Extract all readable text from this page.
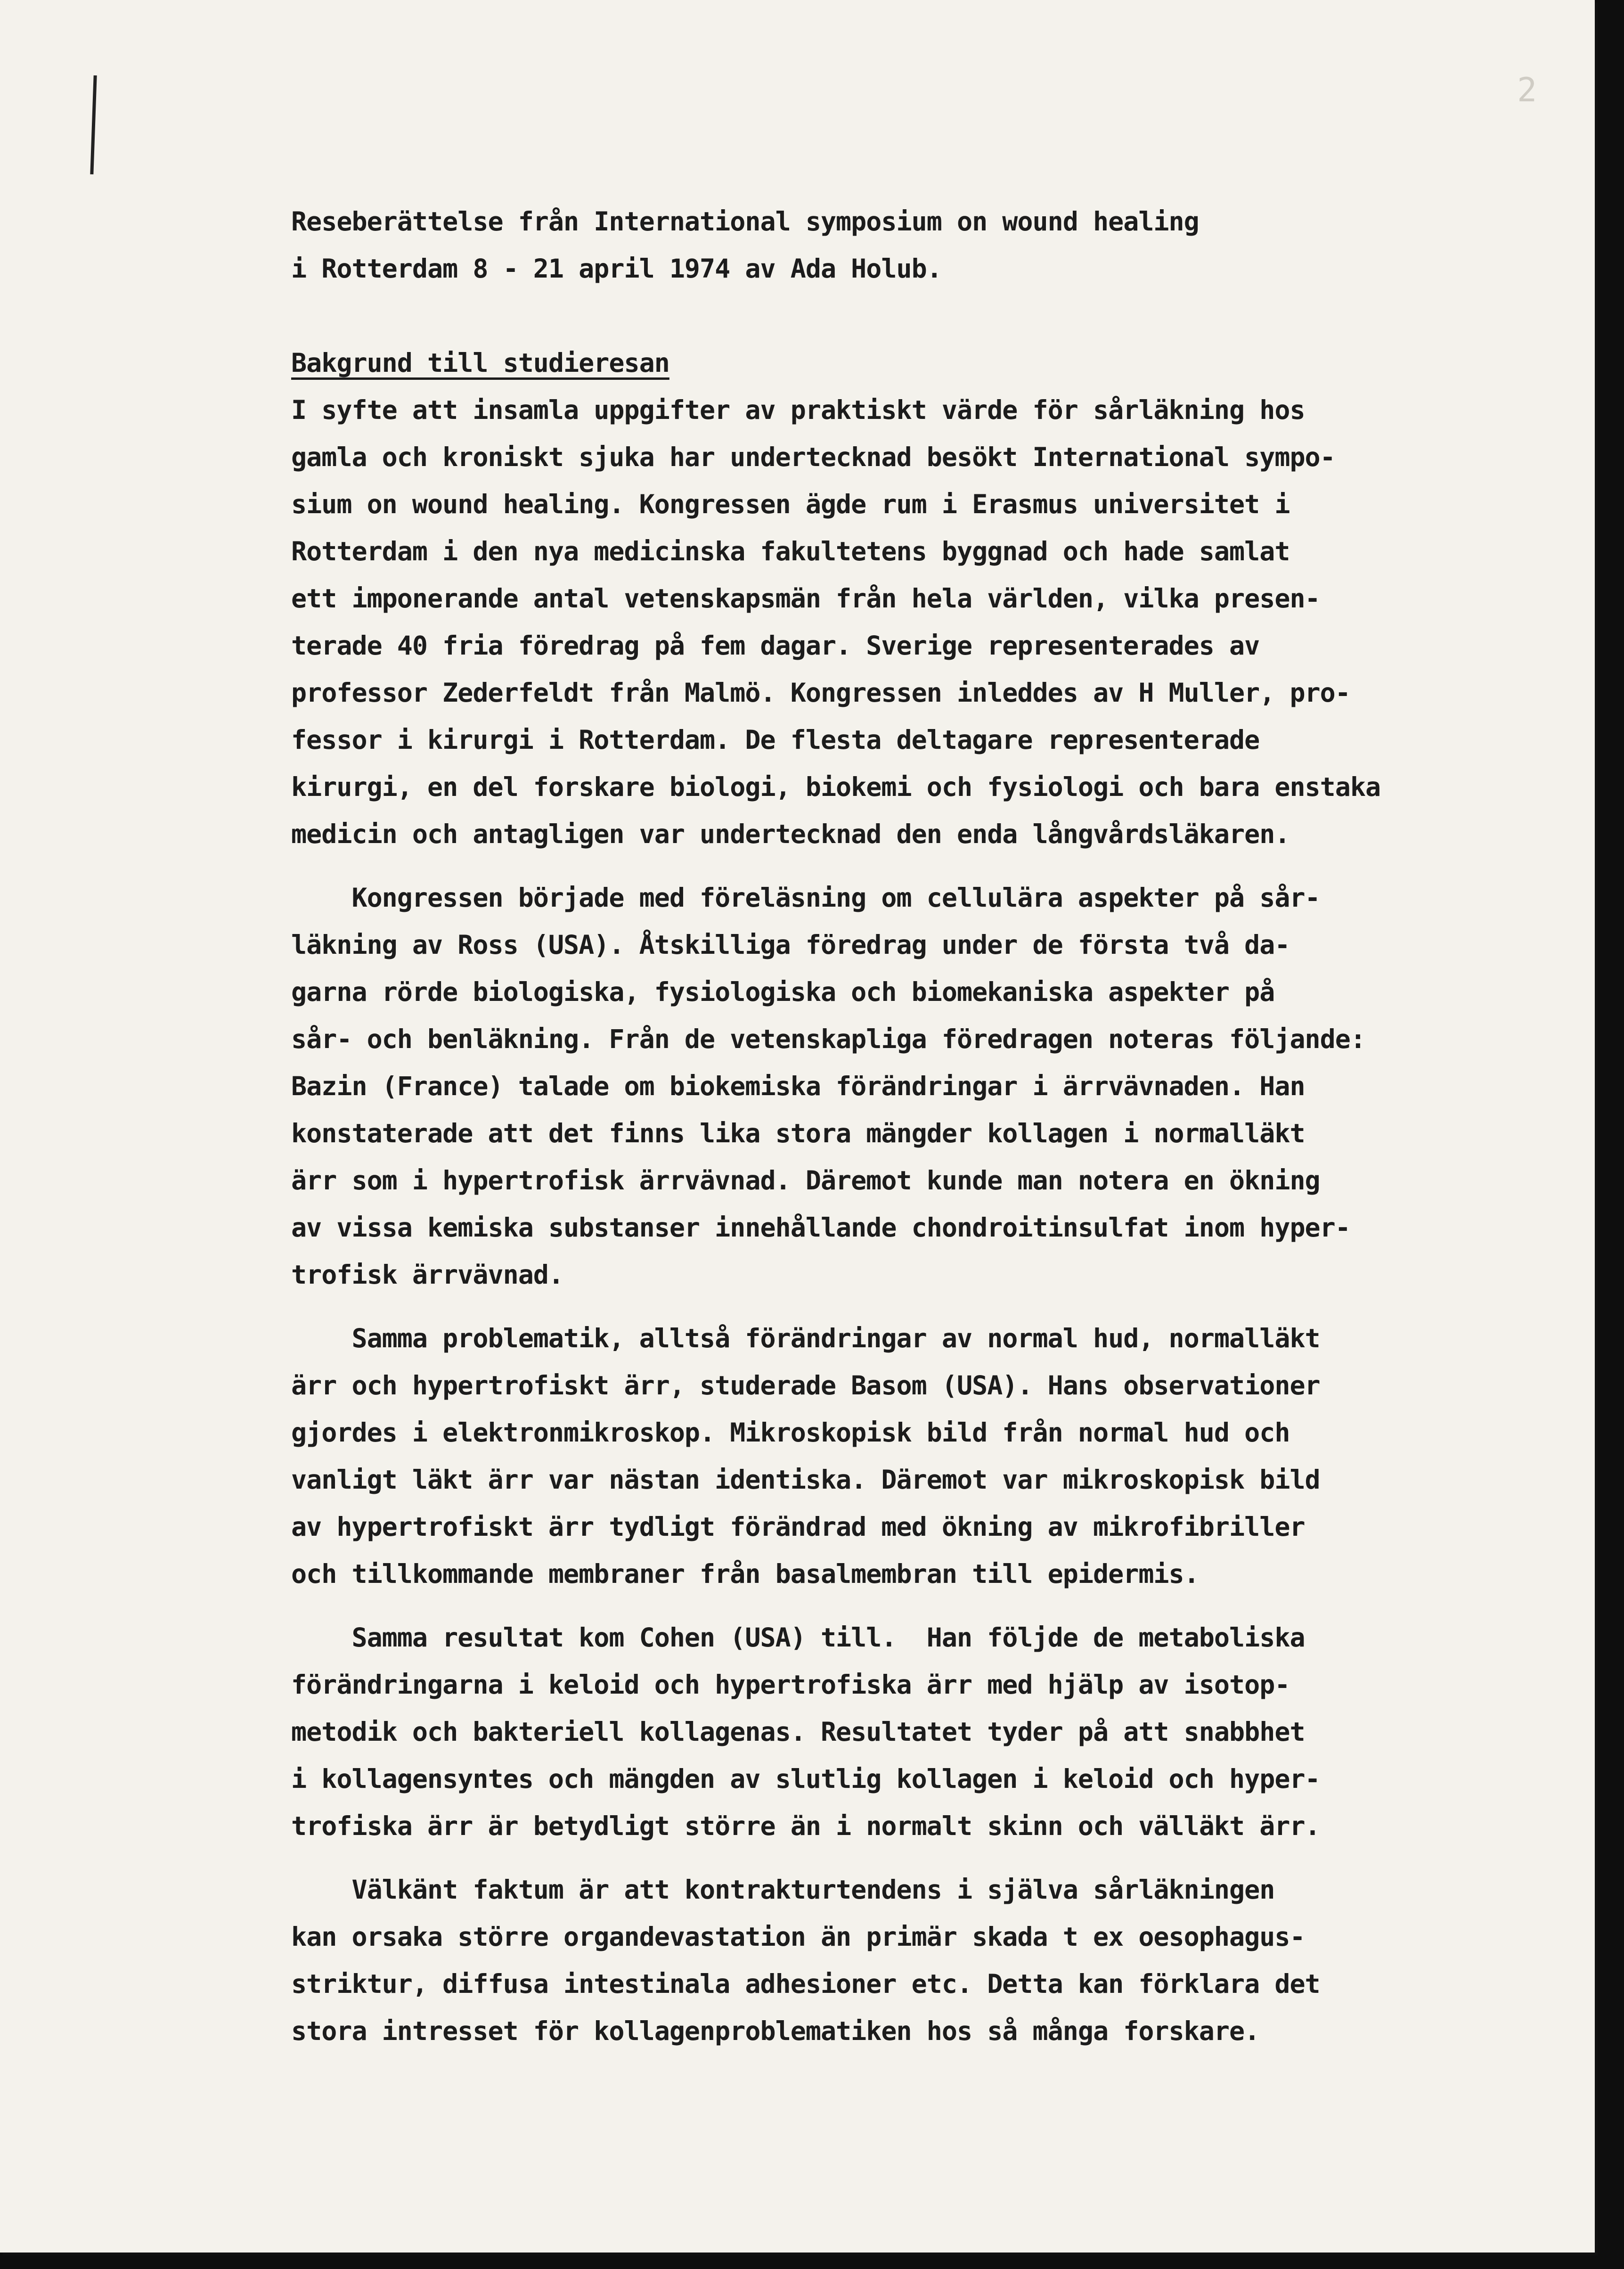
2
Reseberättelse från International symposium on wound healing
i Rotterdam 8 - 21 april 1974 av Ada Holub.
Bakgrund till studieresan
I syfte att insamla uppgifter av praktiskt värde för sårläkning hos
gamla och kroniskt sjuka har undertecknad besökt International sympo-
sium on wound healing. Kongressen ägde rum i Erasmus universitet i
Rotterdam i den nya medicinska fakultetens byggnad och hade samlat
ett imponerande antal vetenskapsmän från hela världen, vilka presen-
terade 40 fria föredrag på fem dagar. Sverige representerades av
professor Zederfeldt från Malmö. Kongressen inleddes av H Muller, pro-
fessor i kirurgi i Rotterdam. De flesta deltagare representerade
kirurgi, en del forskare biologi, biokemi och fysiologi och bara enstaka
medicin och antagligen var undertecknad den enda långvårdsläkaren.
Kongressen började med föreläsning om cellulära aspekter på sår-
läkning av Ross (USA). Åtskilliga föredrag under de första två da-
garna rörde biologiska, fysiologiska och biomekaniska aspekter på
sår- och benläkning. Från de vetenskapliga föredragen noteras följande:
Bazin (France) talade om biokemiska förändringar i ärrvävnaden. Han
konstaterade att det finns lika stora mängder kollagen i normalläkt
ärr som i hypertrofisk ärrvävnad. Däremot kunde man notera en ökning
av vissa kemiska substanser innehållande chondroitinsulfat inom hyper-
trofisk ärrvävnad.
Samma problematik, alltså förändringar av normal hud, normalläkt
ärr och hypertrofiskt ärr, studerade Basom (USA). Hans observationer
gjordes i elektronmikroskop. Mikroskopisk bild från normal hud och
vanligt läkt ärr var nästan identiska. Däremot var mikroskopisk bild
av hypertrofiskt ärr tydligt förändrad med ökning av mikrofibriller
och tillkommande membraner från basalmembran till epidermis.
Samma resultat kom Cohen (USA) till.  Han följde de metaboliska
förändringarna i keloid och hypertrofiska ärr med hjälp av isotop-
metodik och bakteriell kollagenas. Resultatet tyder på att snabbhet
i kollagensyntes och mängden av slutlig kollagen i keloid och hyper-
trofiska ärr är betydligt större än i normalt skinn och välläkt ärr.
Välkänt faktum är att kontrakturtendens i själva sårläkningen
kan orsaka större organdevastation än primär skada t ex oesophagus-
striktur, diffusa intestinala adhesioner etc. Detta kan förklara det
stora intresset för kollagenproblematiken hos så många forskare.
